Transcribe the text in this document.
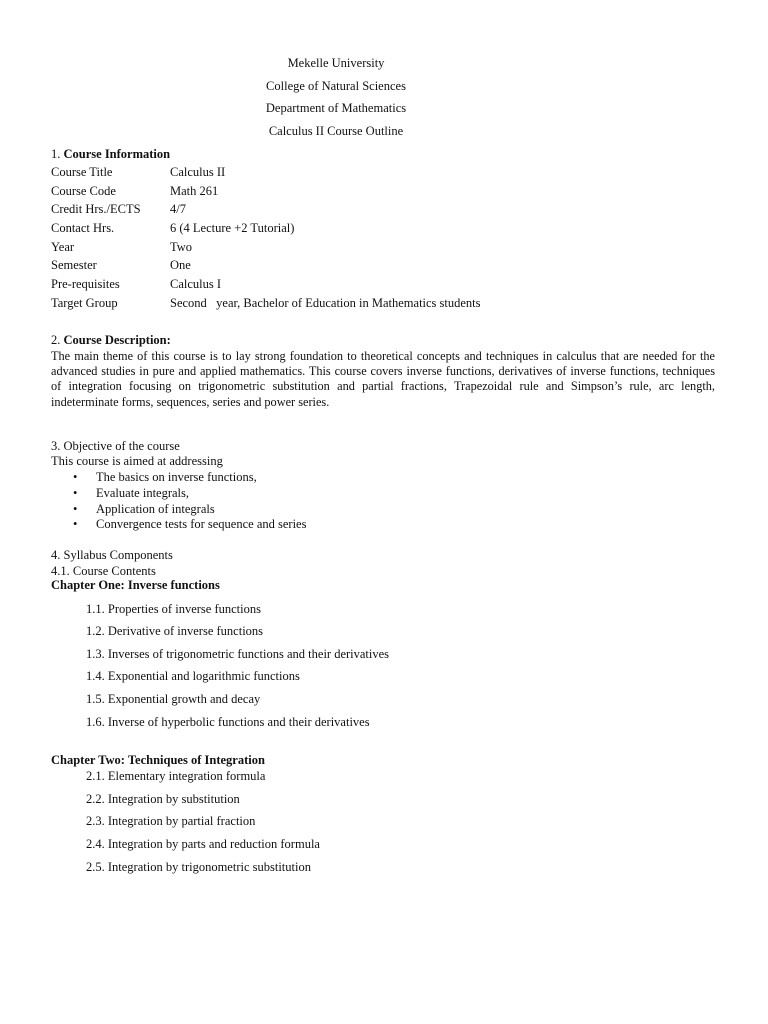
Mekelle University
College of Natural Sciences
Department of Mathematics
Calculus II Course Outline
1. Course Information
Course Title	Calculus II
Course Code	Math 261
Credit Hrs./ECTS 4/7
Contact Hrs.	6 (4 Lecture +2 Tutorial)
Year	Two
Semester	One
Pre-requisites	Calculus I
Target Group	Second   year, Bachelor of Education in Mathematics students
2. Course Description:
The main theme of this course is to lay strong foundation to theoretical concepts and techniques in calculus that are needed for the advanced studies in pure and applied mathematics. This course covers inverse functions, derivatives of inverse functions, techniques of integration focusing on trigonometric substitution and partial fractions, Trapezoidal rule and Simpson’s rule, arc length, indeterminate forms, sequences, series and power series.
3. Objective of the course
This course is aimed at addressing
• The basics on inverse functions,
• Evaluate integrals,
• Application of integrals
• Convergence tests for sequence and series
4. Syllabus Components
4.1. Course Contents
Chapter One: Inverse functions
1.1. Properties of inverse functions
1.2. Derivative of inverse functions
1.3. Inverses of trigonometric functions and their derivatives
1.4. Exponential and logarithmic functions
1.5. Exponential growth and decay
1.6. Inverse of hyperbolic functions and their derivatives
Chapter Two: Techniques of Integration
2.1. Elementary integration formula
2.2. Integration by substitution
2.3. Integration by partial fraction
2.4. Integration by parts and reduction formula
2.5. Integration by trigonometric substitution
